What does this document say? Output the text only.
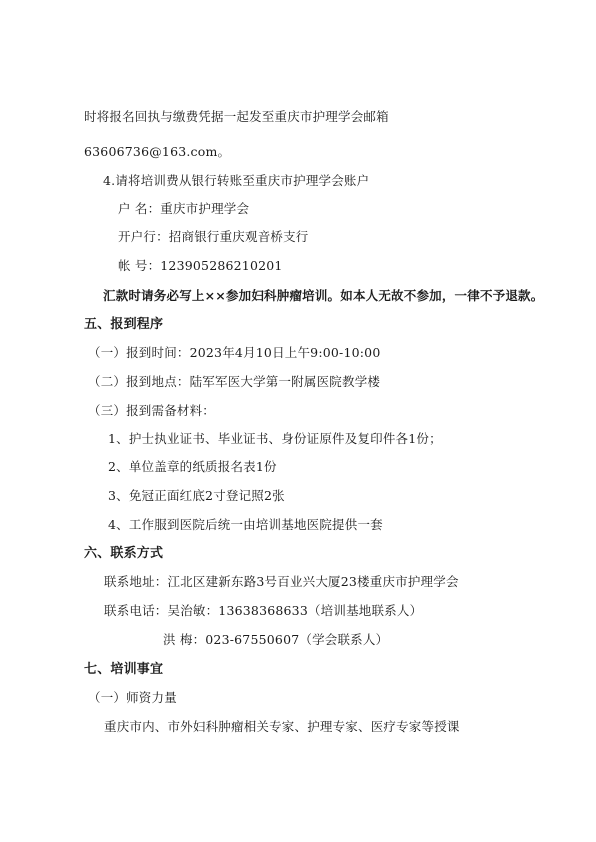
时将报名回执与缴费凭据一起发至重庆市护理学会邮箱
63606736@163.com。
4.请将培训费从银行转账至重庆市护理学会账户
户 名：重庆市护理学会
开户行：招商银行重庆观音桥支行
帐 号：123905286210201
汇款时请务必写上××参加妇科肿瘤培训。如本人无故不参加，一律不予退款。
五、报到程序
（一）报到时间：2023年4月10日上午9:00-10:00
（二）报到地点：陆军军医大学第一附属医院教学楼
（三）报到需备材料：
1、护士执业证书、毕业证书、身份证原件及复印件各1份；
2、单位盖章的纸质报名表1份
3、免冠正面红底2寸登记照2张
4、工作服到医院后统一由培训基地医院提供一套
六、联系方式
联系地址：江北区建新东路3号百业兴大厦23楼重庆市护理学会
联系电话：吴治敏：13638368633（培训基地联系人）
洪 梅：023-67550607（学会联系人）
七、培训事宜
（一）师资力量
重庆市内、市外妇科肿瘤相关专家、护理专家、医疗专家等授课
